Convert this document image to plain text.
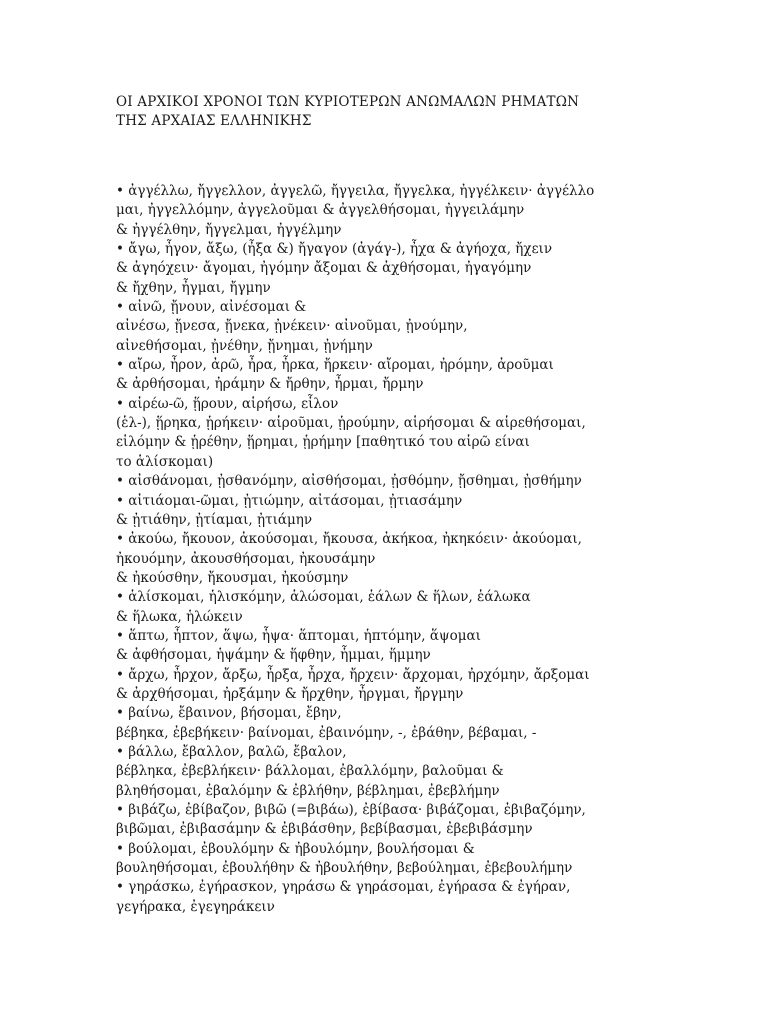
ΟΙ ΑΡΧΙΚΟΙ ΧΡΟΝΟΙ ΤΩΝ ΚΥΡΙΟΤΕΡΩΝ ΑΝΩΜΑΛΩΝ ΡΗΜΑΤΩΝ
ΤΗΣ ΑΡΧΑΙΑΣ ΕΛΛΗΝΙΚΗΣ
• ἀγγέλλω, ἤγγελλον, ἀγγελῶ, ἤγγειλα, ἤγγελκα, ἠγγέλκειν· ἀγγέλλο
μαι, ἠγγελλόμην, ἀγγελοῦμαι & ἀγγελθήσομαι, ἠγγειλάμην
& ἠγγέλθην, ἤγγελμαι, ἠγγέλμην
• ἄγω, ἦγον, ἄξω, (ἦξα &) ἤγαγον (ἀγάγ-), ἦχα & ἀγήοχα, ἤχειν
& ἀγηόχειν· ἄγομαι, ἠγόμην ἄξομαι & ἀχθήσομαι, ἠγαγόμην
& ἤχθην, ἦγμαι, ἤγμην
• αἰνῶ, ᾔνουν, αἰνέσομαι &
αἰνέσω, ᾔνεσα, ᾔνεκα, ᾐνέκειν· αἰνοῦμαι, ᾐνούμην,
αἰνεθήσομαι, ᾐνέθην, ᾔνημαι, ᾐνήμην
• αἴρω, ἦρον, ἀρῶ, ἦρα, ἦρκα, ἤρκειν· αἴρομαι, ἠρόμην, ἀροῦμαι
& ἀρθήσομαι, ἠράμην & ἤρθην, ἦρμαι, ἤρμην
• αἱρέω-ῶ, ᾕρουν, αἱρήσω, εἷλον
(ἑλ-), ᾕρηκα, ᾑρήκειν· αἱροῦμαι, ᾑρούμην, αἱρήσομαι & αἱρεθήσομαι,
εἱλόμην & ᾑρέθην, ᾕρημαι, ᾑρήμην [παθητικό του αἱρῶ είναι
το ἁλίσκομαι)
• αἰσθάνομαι, ᾐσθανόμην, αἰσθήσομαι, ᾐσθόμην, ᾔσθημαι, ᾐσθήμην
• αἰτιάομαι-ῶμαι, ᾐτιώμην, αἰτάσομαι, ᾐτιασάμην
& ᾐτιάθην, ᾐτίαμαι, ᾐτιάμην
• ἀκούω, ἤκουον, ἀκούσομαι, ἤκουσα, ἀκήκοα, ἠκηκόειν· ἀκούομαι,
ἠκουόμην, ἀκουσθήσομαι, ἠκουσάμην
& ἠκούσθην, ἤκουσμαι, ἠκούσμην
• ἁλίσκομαι, ἡλισκόμην, ἁλώσομαι, ἑάλων & ἥλων, ἑάλωκα
& ἥλωκα, ἡλώκειν
• ἅπτω, ἧπτον, ἅψω, ἧψα· ἅπτομαι, ἡπτόμην, ἅψομαι
& ἀφθήσομαι, ἡψάμην & ἥφθην, ἧμμαι, ἥμμην
• ἄρχω, ἦρχον, ἄρξω, ἦρξα, ἦρχα, ἤρχειν· ἄρχομαι, ἠρχόμην, ἄρξομαι
& ἀρχθήσομαι, ἠρξάμην & ἤρχθην, ἦργμαι, ἤργμην
• βαίνω, ἔβαινον, βήσομαι, ἔβην,
βέβηκα, ἐβεβήκειν· βαίνομαι, ἐβαινόμην, -, ἐβάθην, βέβαμαι, -
• βάλλω, ἔβαλλον, βαλῶ, ἔβαλον,
βέβληκα, ἐβεβλήκειν· βάλλομαι, ἐβαλλόμην, βαλοῦμαι &
βληθήσομαι, ἐβαλόμην & ἐβλήθην, βέβλημαι, ἐβεβλήμην
• βιβάζω, ἐβίβαζον, βιβῶ (=βιβάω), ἐβίβασα· βιβάζομαι, ἐβιβαζόμην,
βιβῶμαι, ἐβιβασάμην & ἐβιβάσθην, βεβίβασμαι, ἐβεβιβάσμην
• βούλομαι, ἐβουλόμην & ἠβουλόμην, βουλήσομαι &
βουληθήσομαι, ἐβουλήθην & ἠβουλήθην, βεβούλημαι, ἐβεβουλήμην
• γηράσκω, ἐγήρασκον, γηράσω & γηράσομαι, ἐγήρασα & ἐγήραν,
γεγήρακα, ἐγεγηράκειν
